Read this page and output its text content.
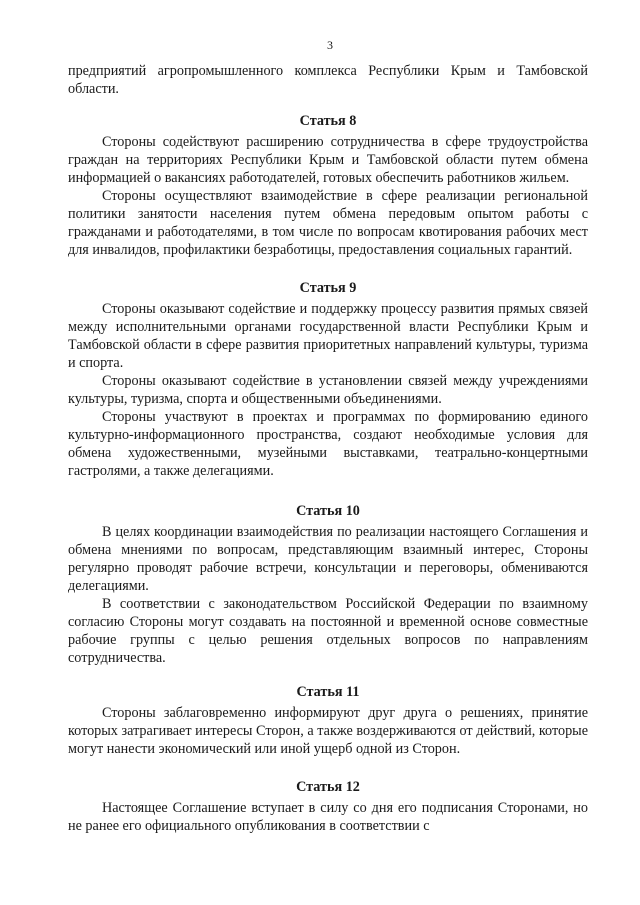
3

предприятий агропромышленного комплекса Республики Крым и Тамбовской области.

Статья 8

Стороны содействуют расширению сотрудничества в сфере трудоустройства граждан на территориях Республики Крым и Тамбовской области путем обмена информацией о вакансиях работодателей, готовых обеспечить работников жильем.

Стороны осуществляют взаимодействие в сфере реализации региональной политики занятости населения путем обмена передовым опытом работы с гражданами и работодателями, в том числе по вопросам квотирования рабочих мест для инвалидов, профилактики безработицы, предоставления социальных гарантий.

Статья 9

Стороны оказывают содействие и поддержку процессу развития прямых связей между исполнительными органами государственной власти Республики Крым и Тамбовской области в сфере развития приоритетных направлений культуры, туризма и спорта.

Стороны оказывают содействие в установлении связей между учреждениями культуры, туризма, спорта и общественными объединениями.

Стороны участвуют в проектах и программах по формированию единого культурно-информационного пространства, создают необходимые условия для обмена художественными, музейными выставками, театрально-концертными гастролями, а также делегациями.

Статья 10

В целях координации взаимодействия по реализации настоящего Соглашения и обмена мнениями по вопросам, представляющим взаимный интерес, Стороны регулярно проводят рабочие встречи, консультации и переговоры, обмениваются делегациями.

В соответствии с законодательством Российской Федерации по взаимному согласию Стороны могут создавать на постоянной и временной основе совместные рабочие группы с целью решения отдельных вопросов по направлениям сотрудничества.

Статья 11

Стороны заблаговременно информируют друг друга о решениях, принятие которых затрагивает интересы Сторон, а также воздерживаются от действий, которые могут нанести экономический или иной ущерб одной из Сторон.

Статья 12

Настоящее Соглашение вступает в силу со дня его подписания Сторонами, но не ранее его официального опубликования в соответствии с
